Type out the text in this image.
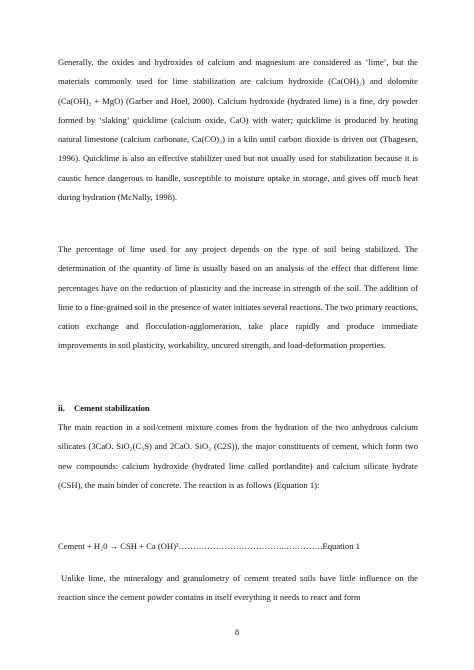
Generally, the oxides and hydroxides of calcium and magnesium are considered as ‘lime’, but the materials commonly used for lime stabilization are calcium hydroxide (Ca(OH)₂) and dolomite (Ca(OH)₂ + MgO) (Garber and Hoel, 2000). Calcium hydroxide (hydrated lime) is a fine, dry powder formed by ‘slaking’ quicklime (calcium oxide, CaO) with water; quicklime is produced by heating natural limestone (calcium carbonate, Ca(CO)₃) in a kiln until carbon dioxide is driven out (Thagesen, 1996). Quicklime is also an effective stabilizer used but not usually used for stabilization because it is caustic hence dangerous to handle, susceptible to moisture uptake in storage, and gives off much heat during hydration (McNally, 1998).

The percentage of lime used for any project depends on the type of soil being stabilized. The determination of the quantity of lime is usually based on an analysis of the effect that different lime percentages have on the reduction of plasticity and the increase in strength of the soil. The addition of lime to a fine-grained soil in the presence of water initiates several reactions. The two primary reactions, cation exchange and flocculation-agglomeration, take place rapidly and produce immediate improvements in soil plasticity, workability, uncured strength, and load-deformation properties.

ii. Cement stabilization

The main reaction in a soil/cement mixture comes from the hydration of the two anhydrous calcium silicates (3CaO. SiO₂(C₃S) and 2CaO. SiO₂ (C2S)), the major constituents of cement, which form two new compounds: calcium hydroxide (hydrated lime called portlandite) and calcium silicate hydrate (CSH), the main binder of concrete. The reaction is as follows (Equation 1):

Cement + H₂0 → CSH + Ca (OH)²………………………………..………….Equation 1

Unlike lime, the mineralogy and granulometry of cement treated soils have little influence on the reaction since the cement powder contains in itself everything it needs to react and form

8
